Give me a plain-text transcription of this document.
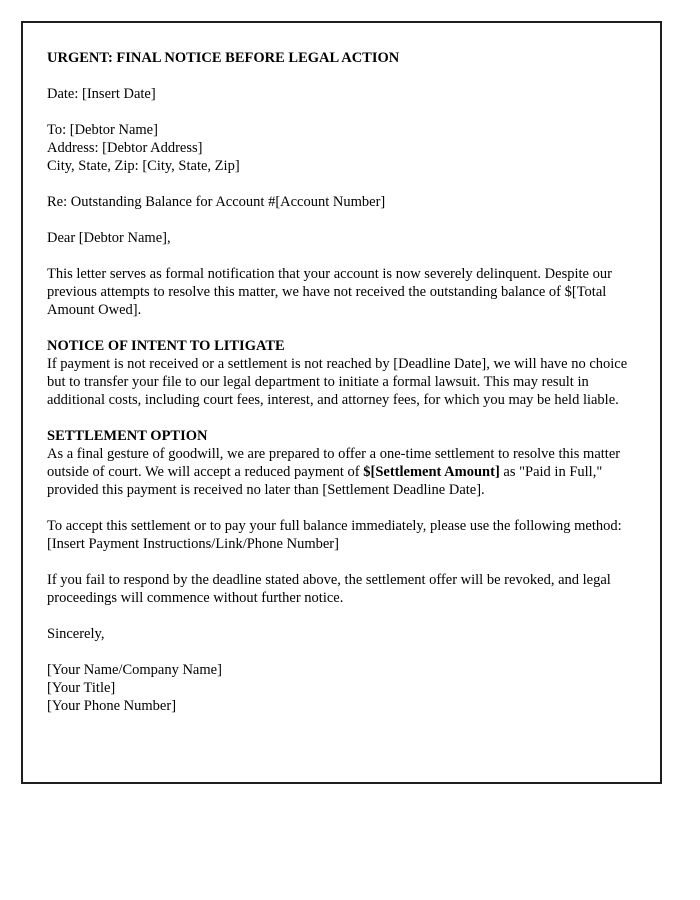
URGENT: FINAL NOTICE BEFORE LEGAL ACTION

Date: [Insert Date]

To: [Debtor Name]
Address: [Debtor Address]
City, State, Zip: [City, State, Zip]

Re: Outstanding Balance for Account #[Account Number]

Dear [Debtor Name],

This letter serves as formal notification that your account is now severely delinquent. Despite our previous attempts to resolve this matter, we have not received the outstanding balance of $[Total Amount Owed].

NOTICE OF INTENT TO LITIGATE
If payment is not received or a settlement is not reached by [Deadline Date], we will have no choice but to transfer your file to our legal department to initiate a formal lawsuit. This may result in additional costs, including court fees, interest, and attorney fees, for which you may be held liable.

SETTLEMENT OPTION
As a final gesture of goodwill, we are prepared to offer a one-time settlement to resolve this matter outside of court. We will accept a reduced payment of $[Settlement Amount] as "Paid in Full," provided this payment is received no later than [Settlement Deadline Date].

To accept this settlement or to pay your full balance immediately, please use the following method:
[Insert Payment Instructions/Link/Phone Number]

If you fail to respond by the deadline stated above, the settlement offer will be revoked, and legal proceedings will commence without further notice.

Sincerely,

[Your Name/Company Name]
[Your Title]
[Your Phone Number]
